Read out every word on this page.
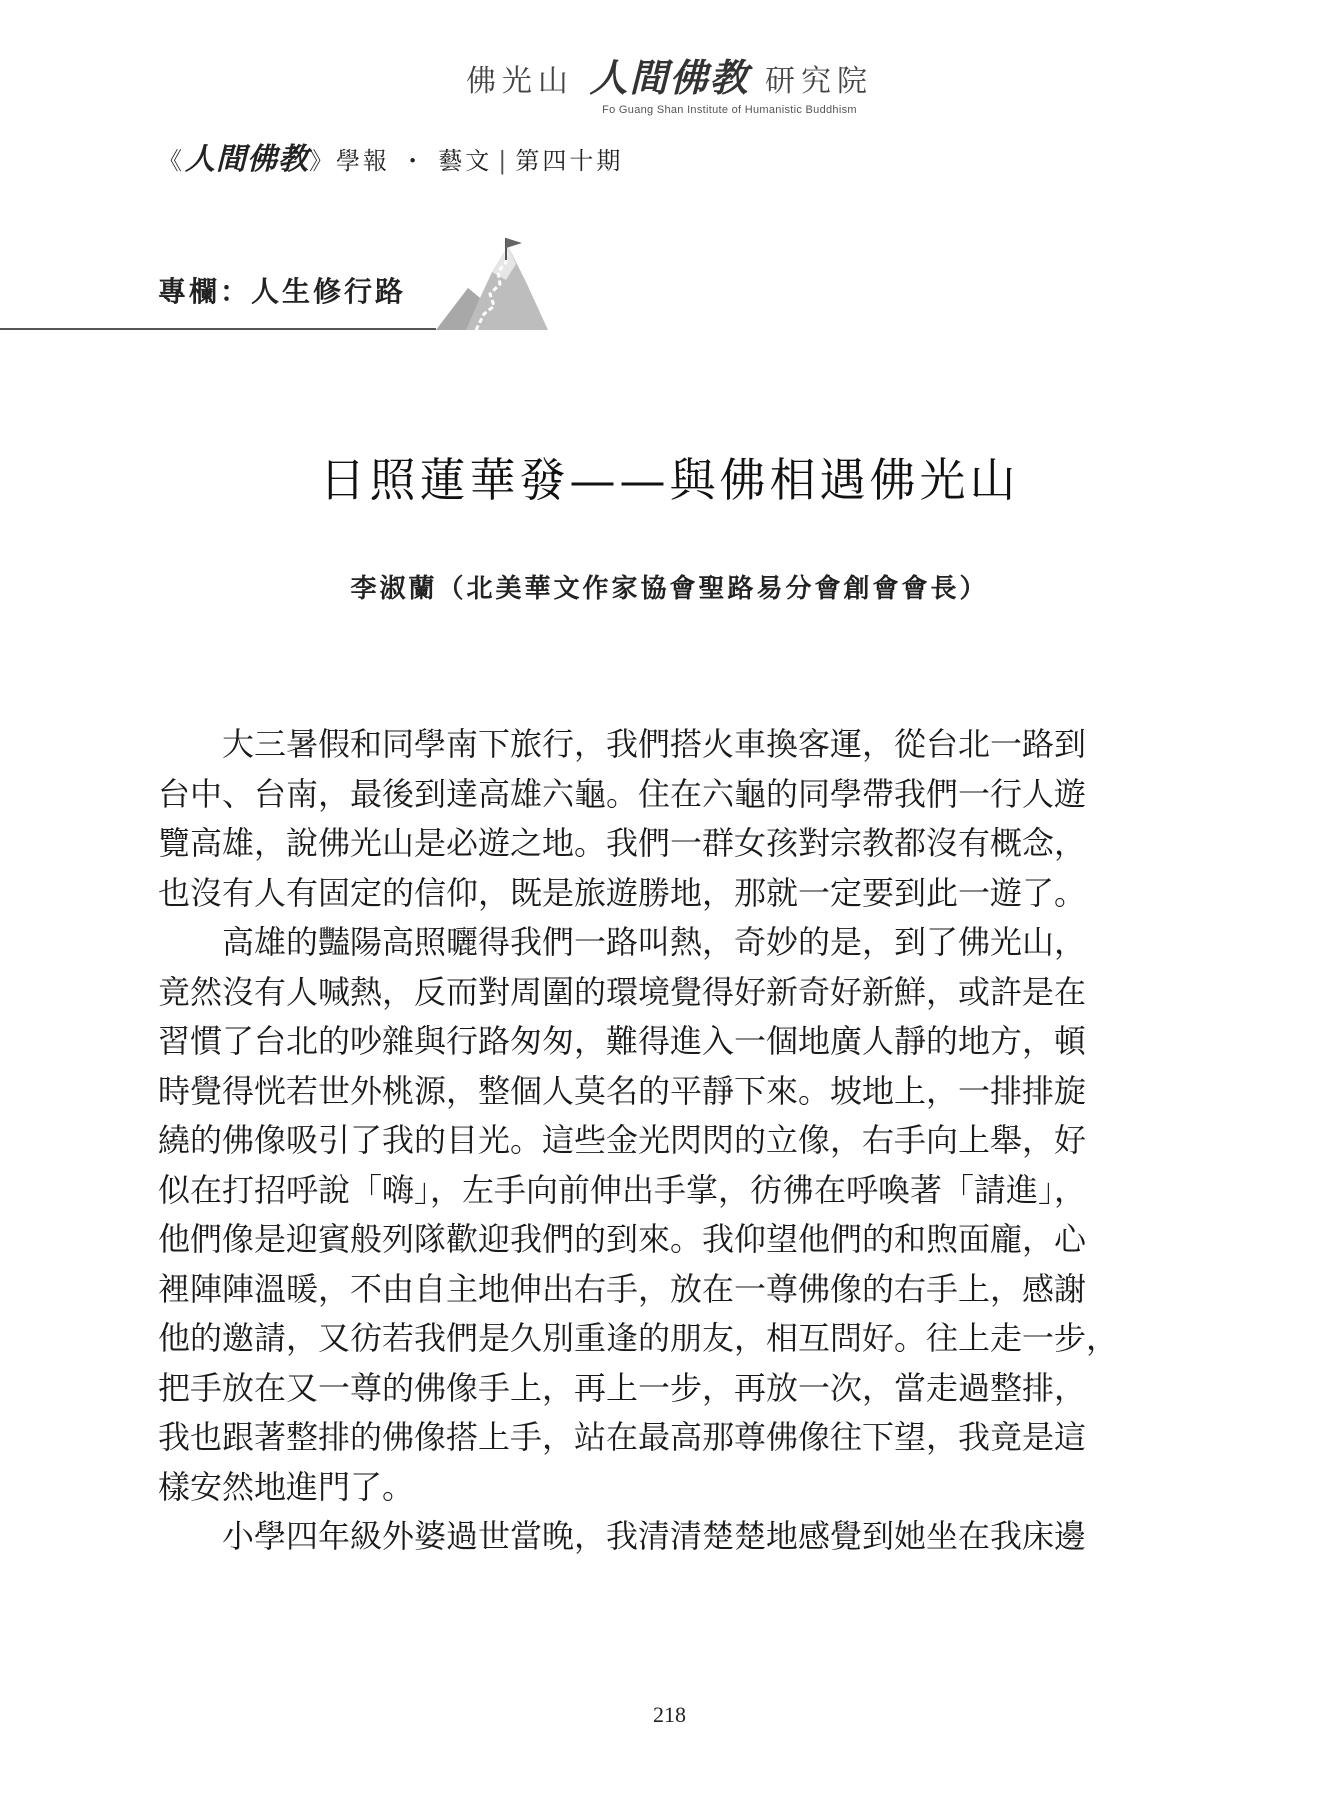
佛光山 人間佛教 研究院
Fo Guang Shan Institute of Humanistic Buddhism
《人間佛教》學報 ・ 藝文 | 第四十期
專欄：人生修行路
日照蓮華發——與佛相遇佛光山
李淑蘭（北美華文作家協會聖路易分會創會會長）
大三暑假和同學南下旅行，我們搭火車換客運，從台北一路到
台中、台南，最後到達高雄六龜。住在六龜的同學帶我們一行人遊
覽高雄，說佛光山是必遊之地。我們一群女孩對宗教都沒有概念，
也沒有人有固定的信仰，既是旅遊勝地，那就一定要到此一遊了。
高雄的豔陽高照曬得我們一路叫熱，奇妙的是，到了佛光山，
竟然沒有人喊熱，反而對周圍的環境覺得好新奇好新鮮，或許是在
習慣了台北的吵雜與行路匆匆，難得進入一個地廣人靜的地方，頓
時覺得恍若世外桃源，整個人莫名的平靜下來。坡地上，一排排旋
繞的佛像吸引了我的目光。這些金光閃閃的立像，右手向上舉，好
似在打招呼說「嗨」，左手向前伸出手掌，彷彿在呼喚著「請進」，
他們像是迎賓般列隊歡迎我們的到來。我仰望他們的和煦面龐，心
裡陣陣溫暖，不由自主地伸出右手，放在一尊佛像的右手上，感謝
他的邀請，又彷若我們是久別重逢的朋友，相互問好。往上走一步，
把手放在又一尊的佛像手上，再上一步，再放一次，當走過整排，
我也跟著整排的佛像搭上手，站在最高那尊佛像往下望，我竟是這
樣安然地進門了。
小學四年級外婆過世當晚，我清清楚楚地感覺到她坐在我床邊
218
